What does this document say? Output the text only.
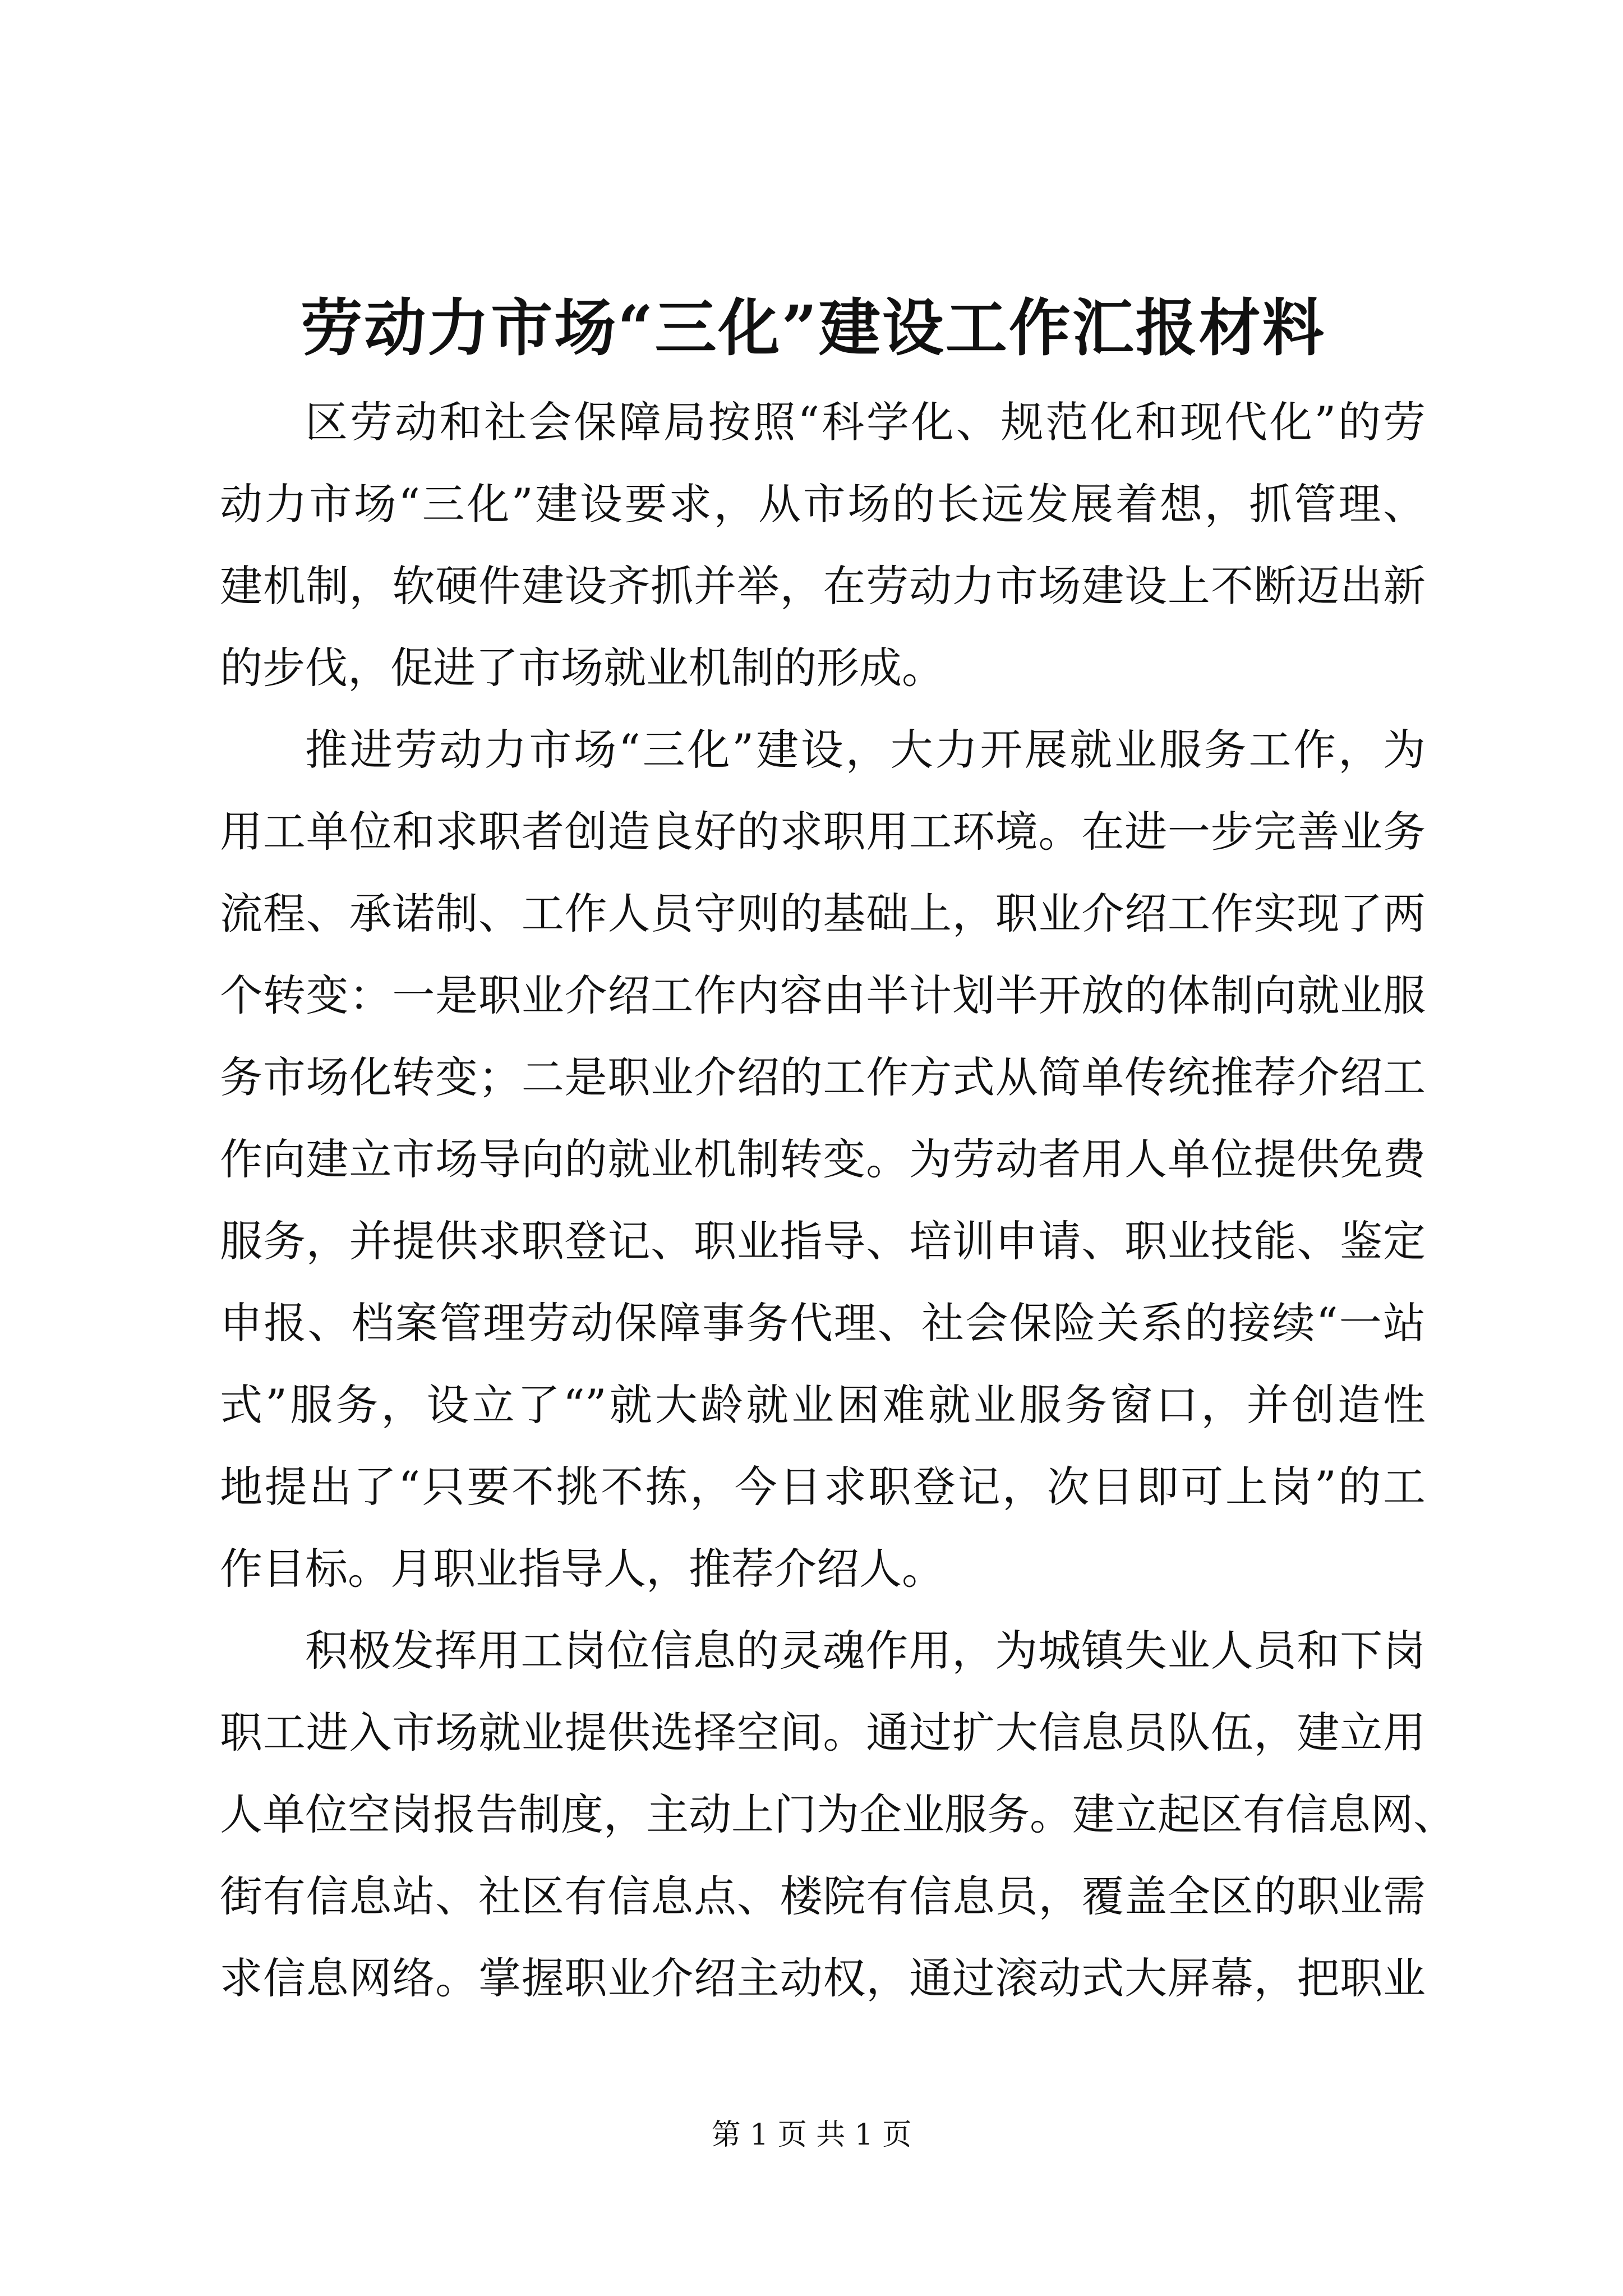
劳动力市场“三化”建设工作汇报材料
区劳动和社会保障局按照“科学化、规范化和现代化”的劳
动力市场“三化”建设要求，从市场的长远发展着想，抓管理、
建机制，软硬件建设齐抓并举，在劳动力市场建设上不断迈出新
的步伐，促进了市场就业机制的形成。
推进劳动力市场“三化”建设，大力开展就业服务工作，为
用工单位和求职者创造良好的求职用工环境。在进一步完善业务
流程、承诺制、工作人员守则的基础上，职业介绍工作实现了两
个转变：一是职业介绍工作内容由半计划半开放的体制向就业服
务市场化转变；二是职业介绍的工作方式从简单传统推荐介绍工
作向建立市场导向的就业机制转变。为劳动者用人单位提供免费
服务，并提供求职登记、职业指导、培训申请、职业技能、鉴定
申报、档案管理劳动保障事务代理、社会保险关系的接续“一站
式”服务，设立了“”就大龄就业困难就业服务窗口，并创造性
地提出了“只要不挑不拣，今日求职登记，次日即可上岗”的工
作目标。月职业指导人，推荐介绍人。
积极发挥用工岗位信息的灵魂作用，为城镇失业人员和下岗
职工进入市场就业提供选择空间。通过扩大信息员队伍，建立用
人单位空岗报告制度，主动上门为企业服务。建立起区有信息网、
街有信息站、社区有信息点、楼院有信息员，覆盖全区的职业需
求信息网络。掌握职业介绍主动权，通过滚动式大屏幕，把职业
第 1 页 共 1 页
